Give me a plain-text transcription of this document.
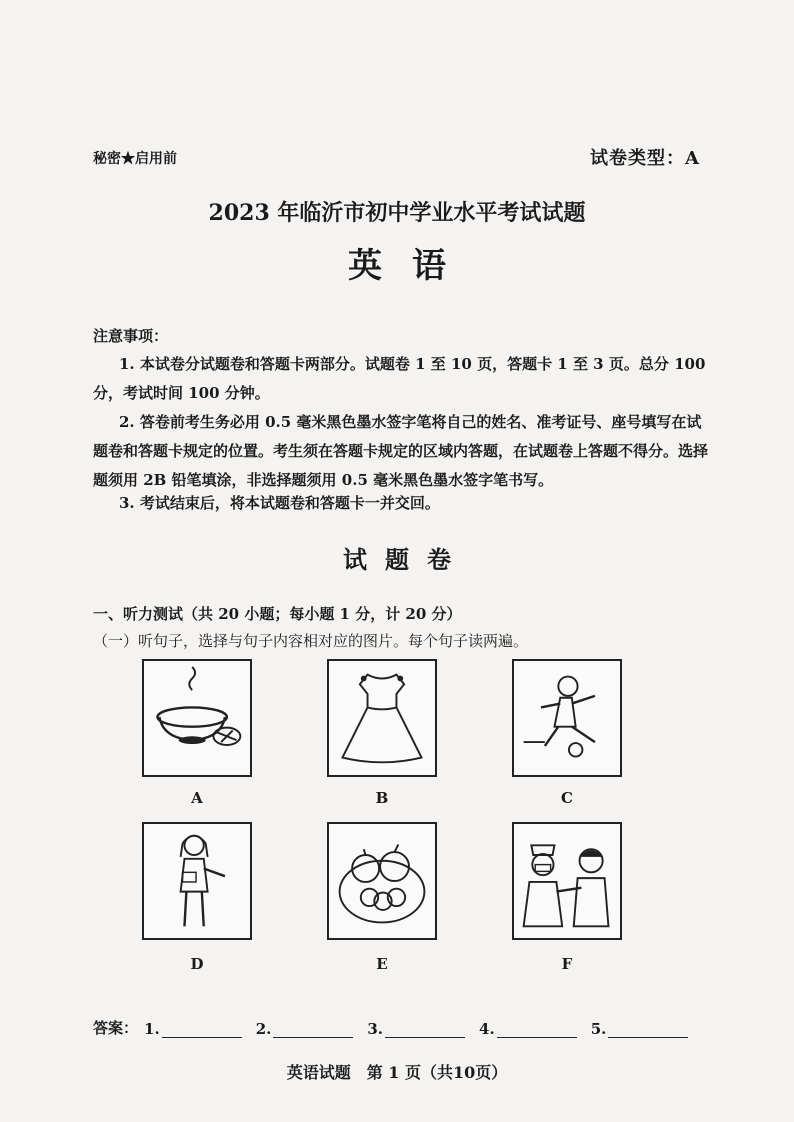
秘密★启用前	试卷类型：A
2023 年临沂市初中学业水平考试试题
英语
注意事项：
1. 本试卷分试题卷和答题卡两部分。试题卷 1 至 10 页，答题卡 1 至 3 页。总分 100 分，考试时间 100 分钟。
2. 答卷前考生务必用 0.5 毫米黑色墨水签字笔将自己的姓名、准考证号、座号填写在试题卷和答题卡规定的位置。考生须在答题卡规定的区域内答题，在试题卷上答题不得分。选择题须用 2B 铅笔填涂，非选择题须用 0.5 毫米黑色墨水签字笔书写。
3. 考试结束后，将本试题卷和答题卡一并交回。
试题卷
一、听力测试（共 20 小题；每小题 1 分，计 20 分）
（一）听句子，选择与句子内容相对应的图片。每个句子读两遍。
A	B	C
D	E	F
答案： 1.	2.	3.	4.	5.
英语试题　第 1 页（共10页）
